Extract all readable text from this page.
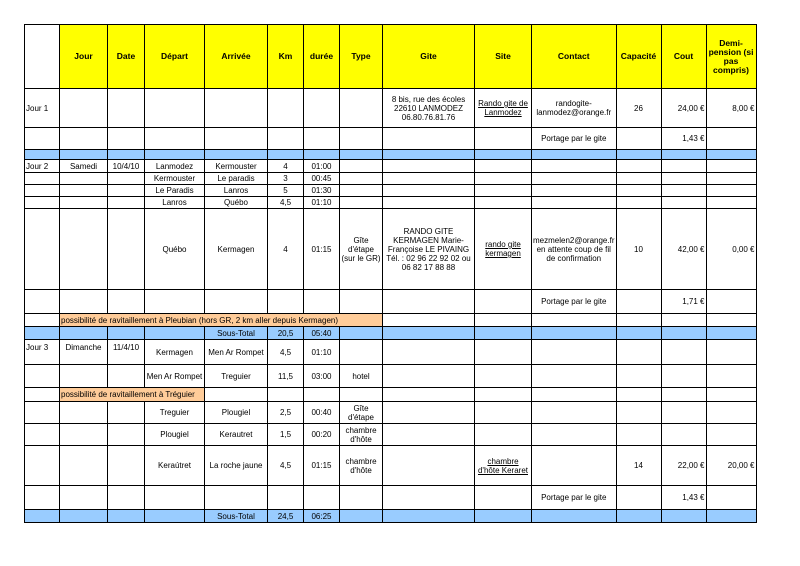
	Jour	Date	Départ	Arrivée	Km	durée	Type	Gite	Site	Contact	Capacité	Cout	Demi-pension (si pas compris)
Jour 1								8 bis, rue des écoles 22610 LANMODEZ 06.80.76.81.76	Rando gite de Lanmodez	randogite-lanmodez@orange.fr	26	24,00 €	8,00 €
										Portage par le gite		1,43 €	

Jour 2	Samedi	10/4/10	Lanmodez	Kermouster	4	01:00							
			Kermouster	Le paradis	3	00:45							
			Le Paradis	Lanros	5	01:30							
			Lanros	Québo	4,5	01:10							
			Québo	Kermagen	4	01:15	Gîte d'étape (sur le GR)	RANDO GITE KERMAGEN Marie-Françoise LE PIVAING Tél. : 02 96 22 92 02 ou 06 82 17 88 88	rando gite kermagen	mezmelen2@orange.fr en attente coup de fil de confirmation	10	42,00 €	0,00 €
										Portage par le gite		1,71 €	
	possibilité de ravitaillement à Pleubian (hors GR, 2 km aller depuis Kermagen)												
				Sous-Total	20,5	05:40							
Jour 3	Dimanche	11/4/10	Kermagen	Men Ar Rompet	4,5	01:10							
			Men Ar Rompet	Treguier	11,5	03:00	hotel						
	possibilité de ravitaillement à Tréguier												
			Treguier	Plougiel	2,5	00:40	Gîte d'étape						
			Plougiel	Kerautret	1,5	00:20	chambre d'hôte						
			Keraútret	La roche jaune	4,5	01:15	chambre d'hôte		chambre d'hôte Keraret		14	22,00 €	20,00 €
										Portage par le gite		1,43 €	
				Sous-Total	24,5	06:25							
